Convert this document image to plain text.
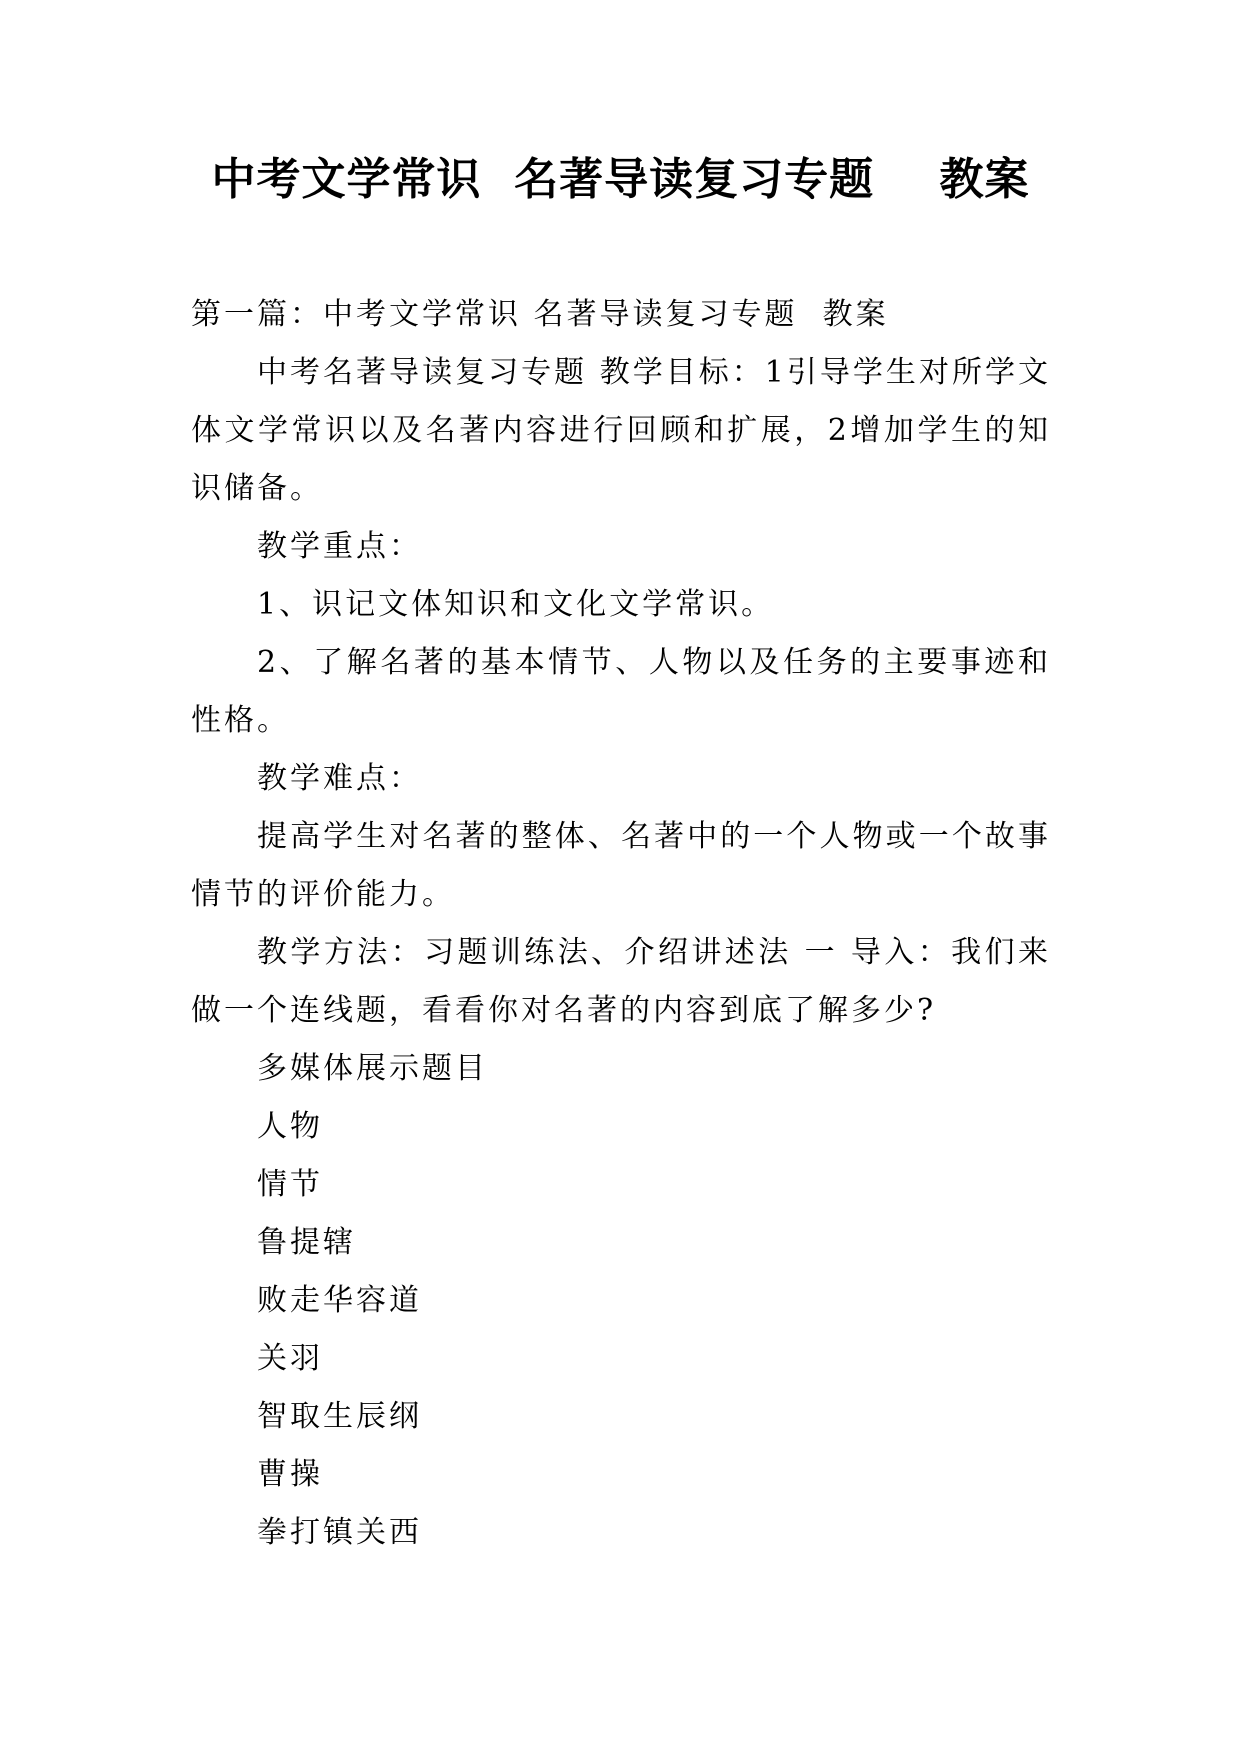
中考文学常识  名著导读复习专题    教案

第一篇：中考文学常识 名著导读复习专题  教案

中考名著导读复习专题 教学目标：1引导学生对所学文体文学常识以及名著内容进行回顾和扩展，2增加学生的知识储备。

教学重点：

1、识记文体知识和文化文学常识。

2、了解名著的基本情节、人物以及任务的主要事迹和性格。

教学难点：

提高学生对名著的整体、名著中的一个人物或一个故事情节的评价能力。

教学方法：习题训练法、介绍讲述法 一 导入：我们来做一个连线题，看看你对名著的内容到底了解多少?

多媒体展示题目

人物

情节

鲁提辖

败走华容道

关羽

智取生辰纲

曹操

拳打镇关西
